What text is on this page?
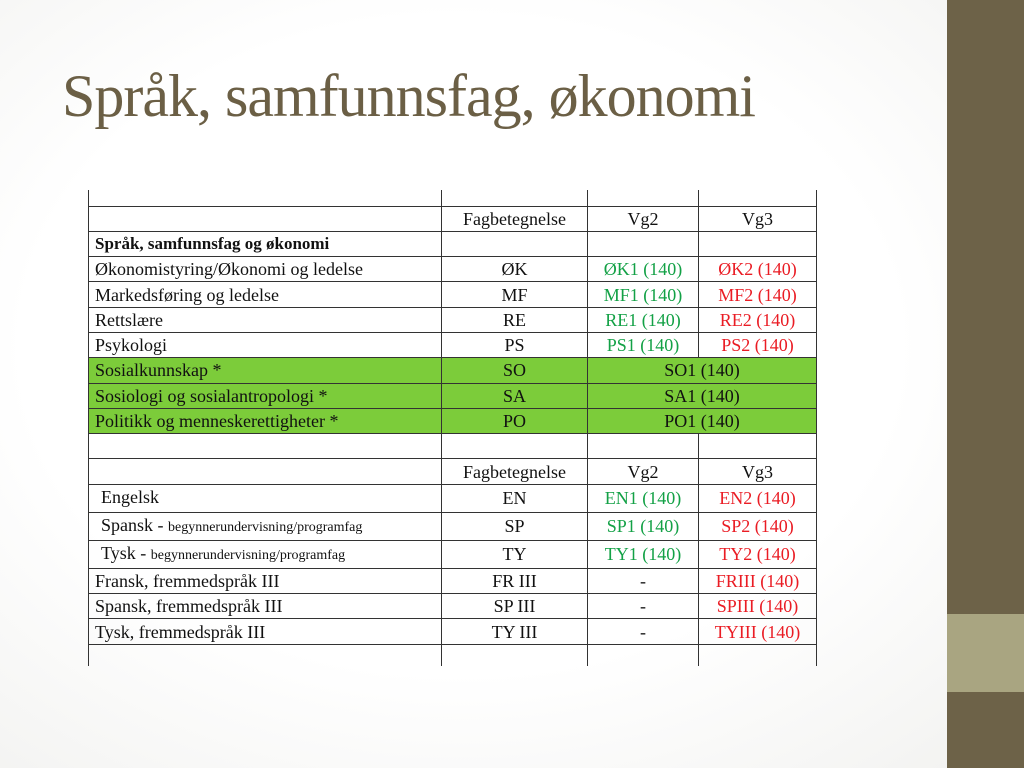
Språk, samfunnsfag, økonomi

	Fagbetegnelse	Vg2	Vg3
Språk, samfunnsfag og økonomi			
Økonomistyring/Økonomi og ledelse	ØK	ØK1 (140)	ØK2 (140)
Markedsføring og ledelse	MF	MF1 (140)	MF2 (140)
Rettslære	RE	RE1 (140)	RE2 (140)
Psykologi	PS	PS1 (140)	PS2 (140)
Sosialkunnskap *	SO	SO1 (140)	
Sosiologi og sosialantropologi *	SA	SA1 (140)	
Politikk og menneskerettigheter *	PO	PO1 (140)	

	Fagbetegnelse	Vg2	Vg3
Engelsk	EN	EN1 (140)	EN2 (140)
Spansk - begynnerundervisning/programfag	SP	SP1 (140)	SP2 (140)
Tysk - begynnerundervisning/programfag	TY	TY1 (140)	TY2 (140)
Fransk, fremmedspråk III	FR III	-	FRIII (140)
Spansk, fremmedspråk III	SP III	-	SPIII (140)
Tysk, fremmedspråk III	TY III	-	TYIII (140)
